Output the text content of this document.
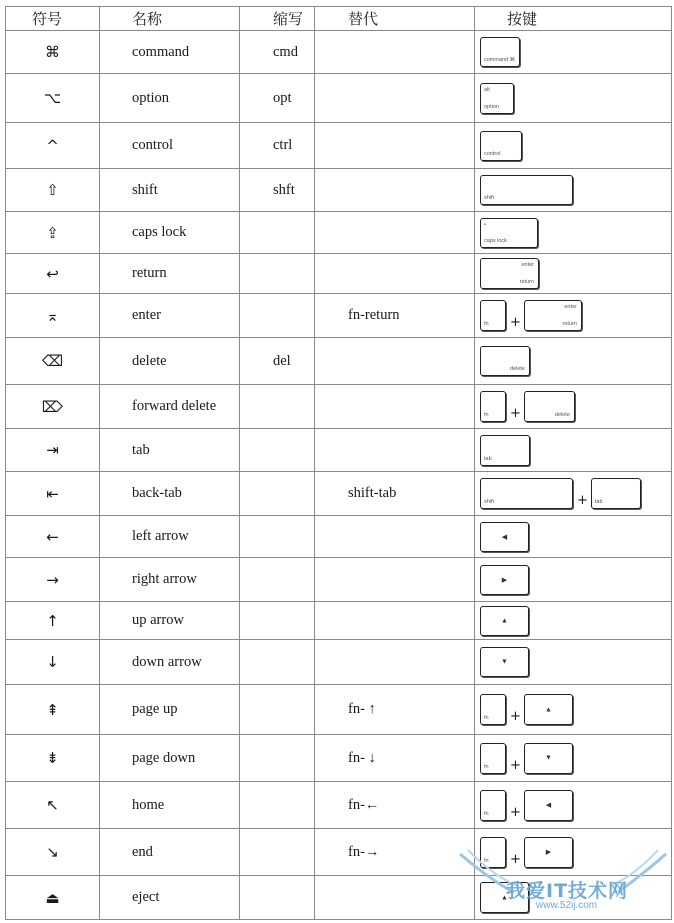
符号	名称	缩写	替代	按键
⌘	command	cmd		command ⌘

⌥	option	opt		alt
option

^	control	ctrl		control

⇧	shift	shft		shift

⇪	caps lock			•
caps lock

↩	return			enter
return

⌅	enter		fn-return	fn +
enter
return

⌫	delete	del		delete

⌦	forward delete			fn + delete

⇥	tab			tab

⇤	back-tab		shift-tab	shift + tab

←	left arrow			◀

→	right arrow			▶

↑	up arrow			▲

↓	down arrow			▼

⇞	page up		fn- ↑	fn + ▲

⇟	page down		fn- ↓	fn + ▼

↖	home		fn-←	fn + ◀

↘	end		fn-→	fn + ▶

⏏	eject			▲
我爱IT技术网
www.52ij.com
